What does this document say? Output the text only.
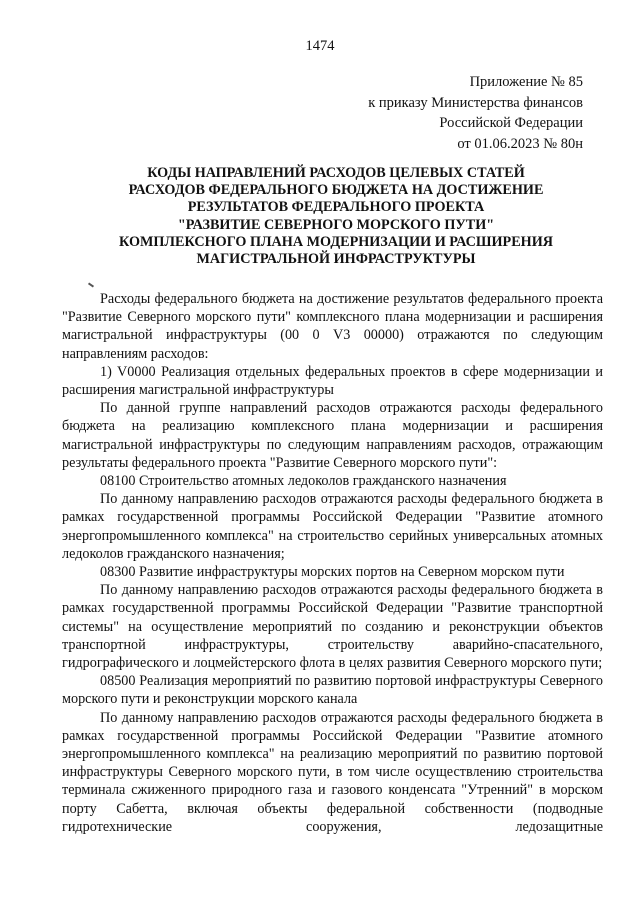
1474
Приложение № 85
к приказу Министерства финансов
Российской Федерации
от 01.06.2023 № 80н
КОДЫ НАПРАВЛЕНИЙ РАСХОДОВ ЦЕЛЕВЫХ СТАТЕЙ
РАСХОДОВ ФЕДЕРАЛЬНОГО БЮДЖЕТА НА ДОСТИЖЕНИЕ
РЕЗУЛЬТАТОВ ФЕДЕРАЛЬНОГО ПРОЕКТА
"РАЗВИТИЕ СЕВЕРНОГО МОРСКОГО ПУТИ"
КОМПЛЕКСНОГО ПЛАНА МОДЕРНИЗАЦИИ И РАСШИРЕНИЯ
МАГИСТРАЛЬНОЙ ИНФРАСТРУКТУРЫ

Расходы федерального бюджета на достижение результатов федерального проекта "Развитие Северного морского пути" комплексного плана модернизации и расширения магистральной инфраструктуры (00 0 V3 00000) отражаются по следующим направлениям расходов:

1) V0000 Реализация отдельных федеральных проектов в сфере модернизации и расширения магистральной инфраструктуры

По данной группе направлений расходов отражаются расходы федерального бюджета на реализацию комплексного плана модернизации и расширения магистральной инфраструктуры по следующим направлениям расходов, отражающим результаты федерального проекта "Развитие Северного морского пути":

08100 Строительство атомных ледоколов гражданского назначения

По данному направлению расходов отражаются расходы федерального бюджета в рамках государственной программы Российской Федерации "Развитие атомного энергопромышленного комплекса" на строительство серийных универсальных атомных ледоколов гражданского назначения;

08300 Развитие инфраструктуры морских портов на Северном морском пути

По данному направлению расходов отражаются расходы федерального бюджета в рамках государственной программы Российской Федерации "Развитие транспортной системы" на осуществление мероприятий по созданию и реконструкции объектов транспортной инфраструктуры, строительству аварийно-спасательного, гидрографического и лоцмейстерского флота в целях развития Северного морского пути;

08500 Реализация мероприятий по развитию портовой инфраструктуры Северного морского пути и реконструкции морского канала

По данному направлению расходов отражаются расходы федерального бюджета в рамках государственной программы Российской Федерации "Развитие атомного энергопромышленного комплекса" на реализацию мероприятий по развитию портовой инфраструктуры Северного морского пути, в том числе осуществлению строительства терминала сжиженного природного газа и газового конденсата "Утренний" в морском порту Сабетта, включая объекты федеральной собственности (подводные гидротехнические сооружения, ледозащитные
